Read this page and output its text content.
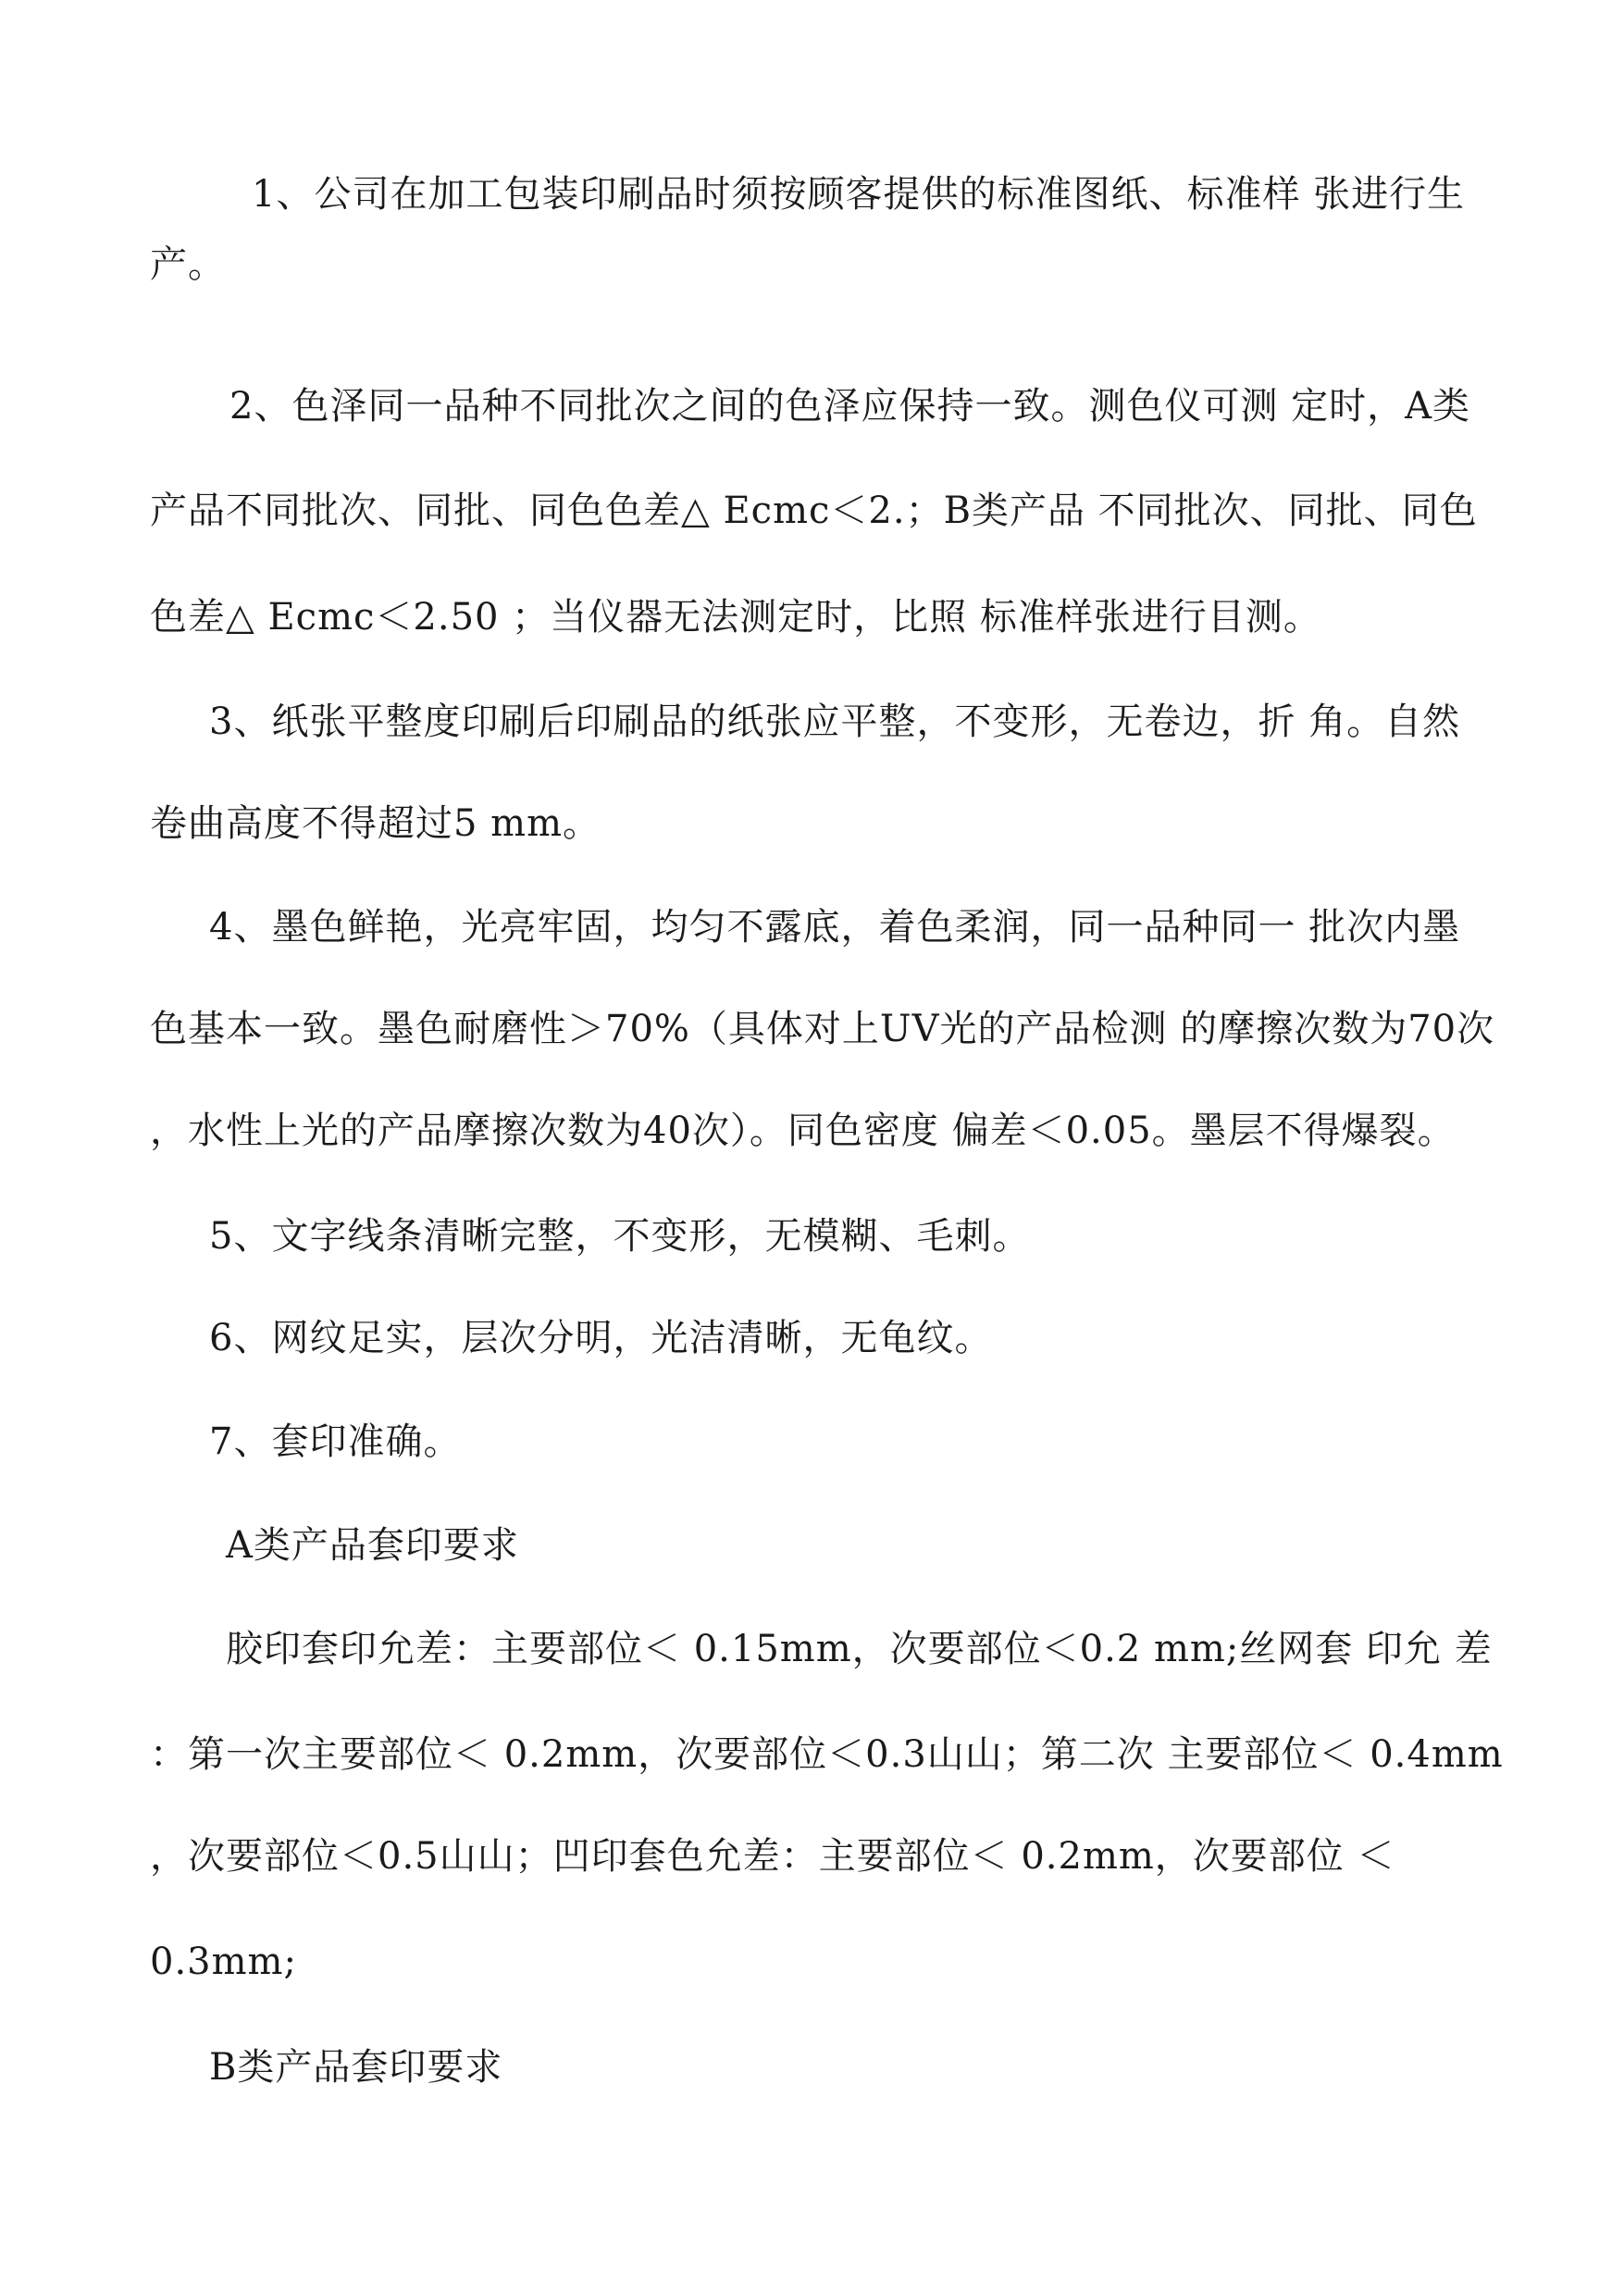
1、公司在加工包装印刷品时须按顾客提供的标准图纸、标准样 张进行生
产。
2、色泽同一品种不同批次之间的色泽应保持一致。测色仪可测 定时，A类
产品不同批次、同批、同色色差△ Ecmc＜2.；B类产品 不同批次、同批、同色
色差△ Ecmc＜2.50 ；当仪器无法测定时，比照 标准样张进行目测。
3、纸张平整度印刷后印刷品的纸张应平整，不变形，无卷边，折 角。自然
卷曲高度不得超过5 mm。
4、墨色鲜艳，光亮牢固，均匀不露底，着色柔润，同一品种同一 批次内墨
色基本一致。墨色耐磨性＞70%（具体对上UV光的产品检测 的摩擦次数为70次
，水性上光的产品摩擦次数为40次）。同色密度 偏差＜0.05。墨层不得爆裂。
5、文字线条清晰完整，不变形，无模糊、毛刺。
6、网纹足实，层次分明，光洁清晰，无龟纹。
7、套印准确。
A类产品套印要求
胶印套印允差：主要部位＜ 0.15mm，次要部位＜0.2 mm;丝网套 印允 差
：第一次主要部位＜ 0.2mm，次要部位＜0.3山山；第二次 主要部位＜ 0.4mm
，次要部位＜0.5山山；凹印套色允差：主要部位＜ 0.2mm，次要部位 ＜
0.3mm;
B类产品套印要求
